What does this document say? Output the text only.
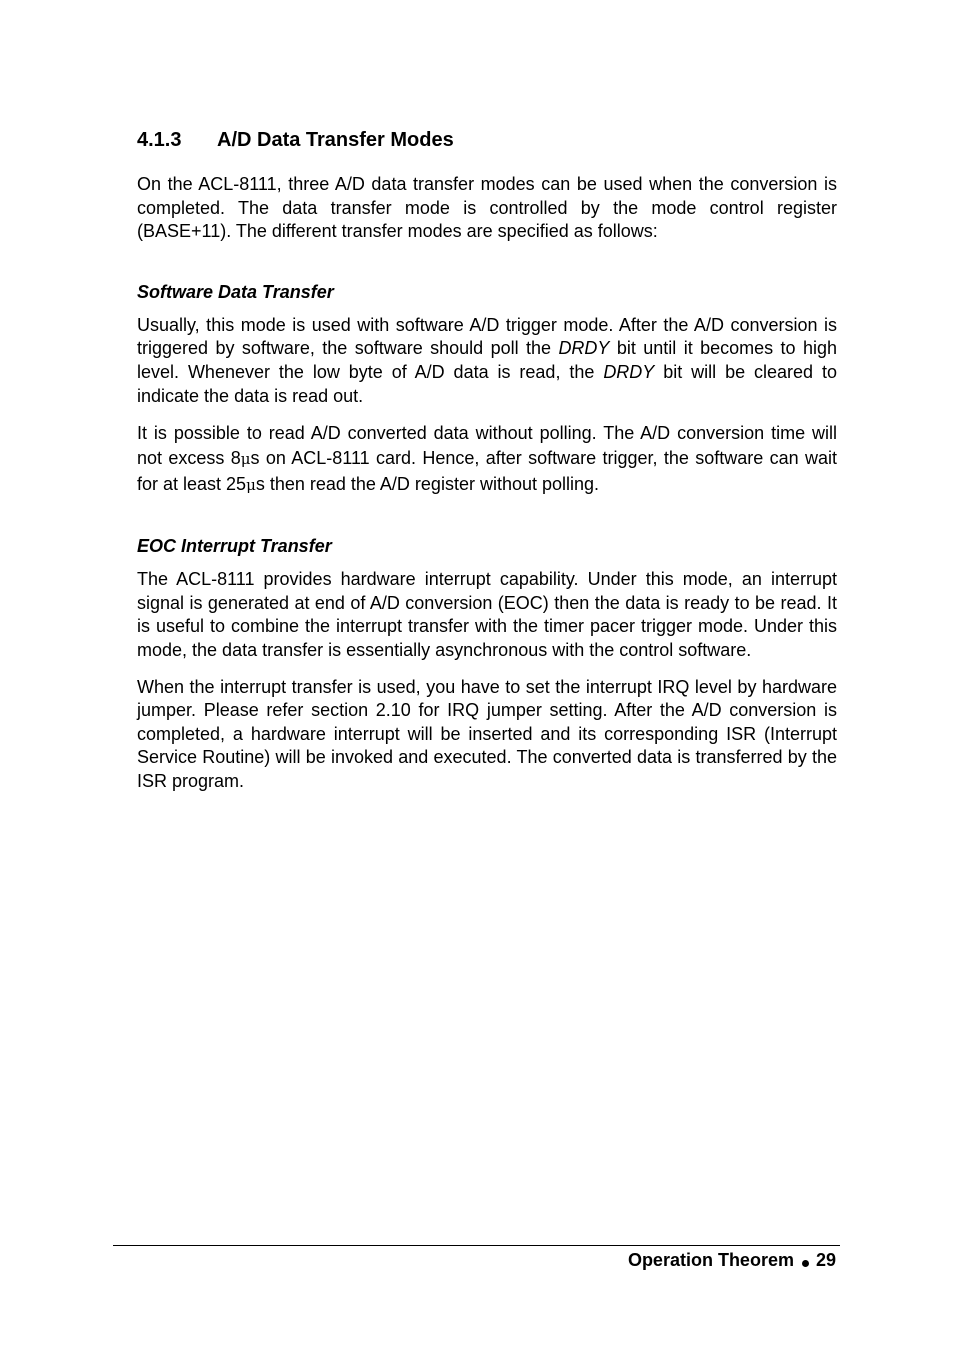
4.1.3 A/D Data Transfer Modes

On the ACL-8111, three A/D data transfer modes can be used when the conversion is completed. The data transfer mode is controlled by the mode control register (BASE+11). The different transfer modes are specified as follows:

Software Data Transfer

Usually, this mode is used with software A/D trigger mode. After the A/D conversion is triggered by software, the software should poll the DRDY bit until it becomes to high level. Whenever the low byte of A/D data is read, the DRDY bit will be cleared to indicate the data is read out.

It is possible to read A/D converted data without polling. The A/D conversion time will not excess 8μs on ACL-8111 card. Hence, after software trigger, the software can wait for at least 25μs then read the A/D register without polling.

EOC Interrupt Transfer

The ACL-8111 provides hardware interrupt capability. Under this mode, an interrupt signal is generated at end of A/D conversion (EOC) then the data is ready to be read. It is useful to combine the interrupt transfer with the timer pacer trigger mode. Under this mode, the data transfer is essentially asynchronous with the control software.

When the interrupt transfer is used, you have to set the interrupt IRQ level by hardware jumper. Please refer section 2.10 for IRQ jumper setting. After the A/D conversion is completed, a hardware interrupt will be inserted and its corresponding ISR (Interrupt Service Routine) will be invoked and executed. The converted data is transferred by the ISR program.

Operation Theorem 29
